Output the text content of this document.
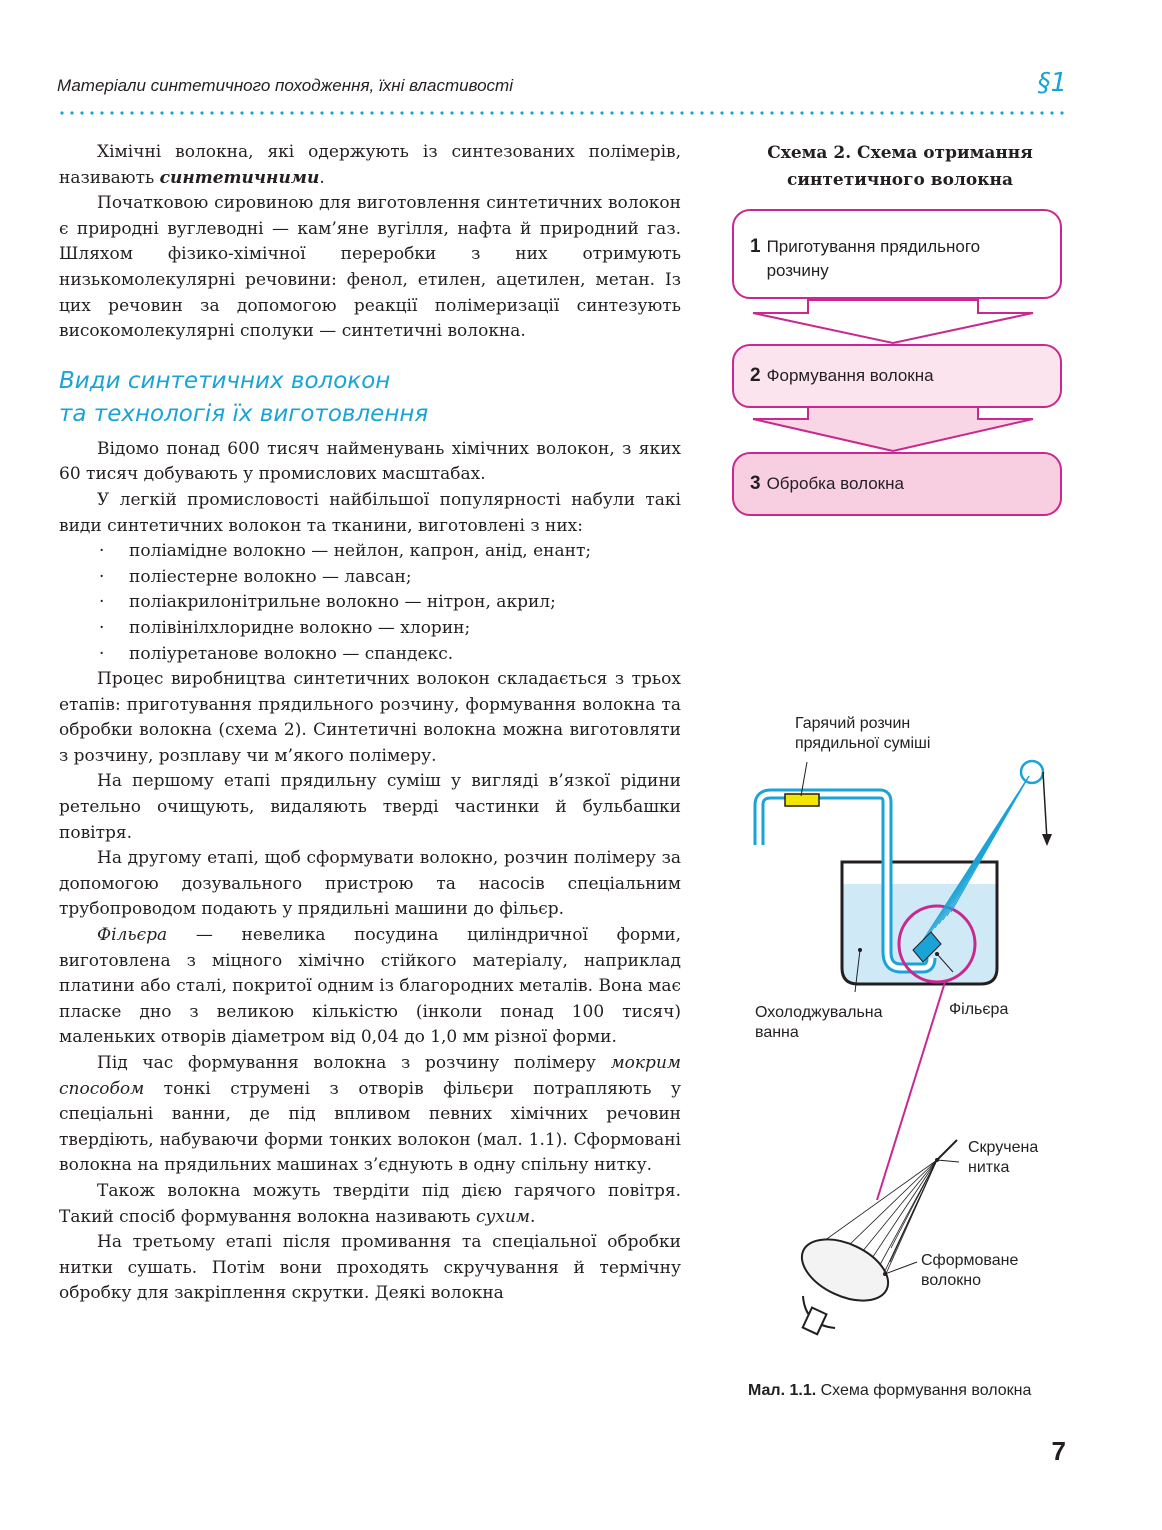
Матеріали синтетичного походження, їхні властивості	§1

Хімічні волокна, які одержують із синтезованих полімерів, називають синтетичними.

Початковою сировиною для виготовлення синтетичних волокон є природні вуглеводні — кам’яне вугілля, нафта й природний газ. Шляхом фізико-хімічної переробки з них отримують низькомолекулярні речовини: фенол, етилен, ацетилен, метан. Із цих речовин за допомогою реакції полімеризації синтезують високомолекулярні сполуки — синтетичні волокна.

Види синтетичних волокон
та технологія їх виготовлення

Відомо понад 600 тисяч найменувань хімічних волокон, з яких 60 тисяч добувають у промислових масштабах.

У легкій промисловості найбільшої популярності набули такі види синтетичних волокон та тканини, виготовлені з них:

· поліамідне волокно — нейлон, капрон, анід, енант;
· поліестерне волокно — лавсан;
· поліакрилонітрильне волокно — нітрон, акрил;
· полівінілхлоридне волокно — хлорин;
· поліуретанове волокно — спандекс.

Процес виробництва синтетичних волокон складається з трьох етапів: приготування прядильного розчину, формування волокна та обробки волокна (схема 2). Синтетичні волокна можна виготовляти з розчину, розплаву чи м’якого полімеру.

На першому етапі прядильну суміш у вигляді в’язкої рідини ретельно очищують, видаляють тверді частинки й бульбашки повітря.

На другому етапі, щоб сформувати волокно, розчин полімеру за допомогою дозувального пристрою та насосів спеціальним трубопроводом подають у прядильні машини до фільєр.

Фільєра — невелика посудина циліндричної форми, виготовлена з міцного хімічно стійкого матеріалу, наприклад платини або сталі, покритої одним із благородних металів. Вона має пласке дно з великою кількістю (інколи понад 100 тисяч) маленьких отворів діаметром від 0,04 до 1,0 мм різної форми.

Під час формування волокна з розчину полімеру мокрим способом тонкі струмені з отворів фільєри потрапляють у спеціальні ванни, де під впливом певних хімічних речовин твердіють, набуваючи форми тонких волокон (мал. 1.1). Сформовані волокна на прядильних машинах з’єднують в одну спільну нитку.

Також волокна можуть твердіти під дією гарячого повітря. Такий спосіб формування волокна називають сухим.

На третьому етапі після промивання та спеціальної обробки нитки сушать. Потім вони проходять скручування й термічну обробку для закріплення скрутки. Деякі волокна

Схема 2. Схема отримання
синтетичного волокна
1 Приготування прядильного розчину
2 Формування волокна
3 Обробка волокна
Гарячий розчин
прядильної суміші
Охолоджувальна
ванна
Фільєра
Скручена
нитка
Сформоване
волокно
Мал. 1.1. Схема формування волокна
7
